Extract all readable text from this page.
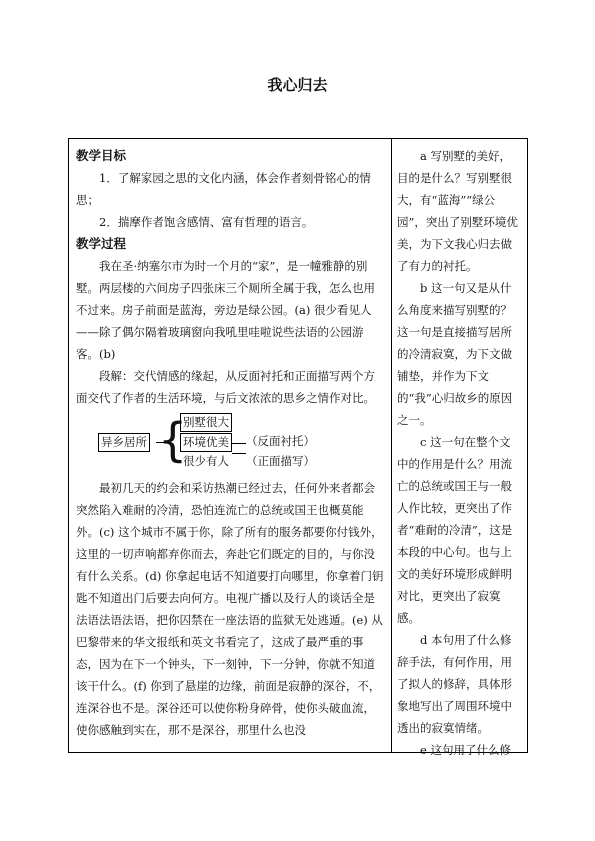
我心归去

教学目标

1．了解家园之思的文化内涵，体会作者刻骨铭心的情思；

2．揣摩作者饱含感情、富有哲理的语言。

教学过程

我在圣·纳塞尔市为时一个月的“家”，是一幢雅静的别墅。两层楼的六间房子四张床三个厕所全属于我，怎么也用不过来。房子前面是蓝海，旁边是绿公园。(a) 很少看见人——除了偶尔隔着玻璃窗向我吼里哇啦说些法语的公园游客。(b)

段解：交代情感的缘起，从反面衬托和正面描写两个方面交代了作者的生活环境，与后文浓浓的思乡之情作对比。

异乡居所 {
别墅很大
环境优美
很少有人
（反面衬托）
（正面描写）

最初几天的约会和采访热潮已经过去，任何外来者都会突然陷入难耐的冷清，恐怕连流亡的总统或国王也概莫能外。(c) 这个城市不属于你，除了所有的服务都要你付钱外，这里的一切声响都弃你而去，奔赴它们既定的目的，与你没有什么关系。(d) 你拿起电话不知道要打向哪里，你拿着门钥匙不知道出门后要去向何方。电视广播以及行人的谈话全是法语法语法语，把你囚禁在一座法语的监狱无处逃遁。(e) 从巴黎带来的华文报纸和英文书看完了，这成了最严重的事态，因为在下一个钟头，下一刻钟，下一分钟，你就不知道该干什么。(f) 你到了悬崖的边缘，前面是寂静的深谷，不，连深谷也不是。深谷还可以使你粉身碎骨，使你头破血流，使你感触到实在，那不是深谷，那里什么也没

a 写别墅的美好，目的是什么？写别墅很大，有“蓝海”“绿公园”，突出了别墅环境优美，为下文我心归去做了有力的衬托。

b 这一句又是从什么角度来描写别墅的？这一句是直接描写居所的冷清寂寞，为下文做铺垫，并作为下文的“我”心归故乡的原因之一。

c 这一句在整个文中的作用是什么？用流亡的总统或国王与一般人作比较，更突出了作者“难耐的冷清”，这是本段的中心句。也与上文的美好环境形成鲜明对比，更突出了寂寞感。

d 本句用了什么修辞手法，有何作用，用了拟人的修辞，具体形象地写出了周围环境中透出的寂寞情绪。

e 这句用了什么修
